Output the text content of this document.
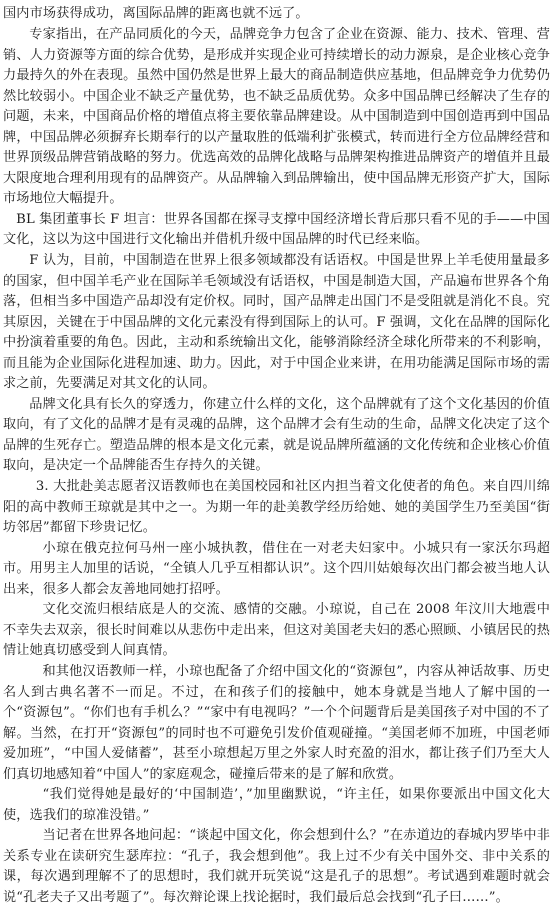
国内市场获得成功，离国际品牌的距离也就不远了。

专家指出，在产品同质化的今天，品牌竞争力包含了企业在资源、能力、技术、管理、营销、人力资源等方面的综合优势，是形成并实现企业可持续增长的动力源泉，是企业核心竞争力最持久的外在表现。虽然中国仍然是世界上最大的商品制造供应基地，但品牌竞争力优势仍然比较弱小。中国企业不缺乏产量优势，也不缺乏品质优势。众多中国品牌已经解决了生存的问题，未来，中国商品价格的增值点将主要依靠品牌建设。从中国制造到中国创造再到中国品牌，中国品牌必须摒弃长期奉行的以产量取胜的低端利扩张模式，转而进行全方位品牌经营和世界顶级品牌营销战略的努力。优选高效的品牌化战略与品牌架构推进品牌资产的增值并且最大限度地合理利用现有的品牌资产。从品牌输入到品牌输出，使中国品牌无形资产扩大，国际市场地位大幅提升。

BL 集团董事长 F 坦言：世界各国都在探寻支撑中国经济增长背后那只看不见的手——中国文化，这以为这中国进行文化输出并借机升级中国品牌的时代已经来临。

F 认为，目前，中国制造在世界上很多领域都没有话语权。中国是世界上羊毛使用量最多的国家，但中国羊毛产业在国际羊毛领域没有话语权，中国是制造大国，产品遍布世界各个角落，但相当多中国造产品却没有定价权。同时，国产品牌走出国门不是受阻就是消化不良。究其原因，关键在于中国品牌的文化元素没有得到国际上的认可。F 强调，文化在品牌的国际化中扮演着重要的角色。因此，主动和系统输出文化，能够消除经济全球化所带来的不利影响，而且能为企业国际化进程加速、助力。因此，对于中国企业来讲，在用功能满足国际市场的需求之前，先要满足对其文化的认同。

品牌文化具有长久的穿透力，你建立什么样的文化，这个品牌就有了这个文化基因的价值取向，有了文化的品牌才是有灵魂的品牌，这个品牌才会有生动的生命，品牌文化决定了这个品牌的生死存亡。塑造品牌的根本是文化元素，就是说品牌所蕴涵的文化传统和企业核心价值取向，是决定一个品牌能否生存持久的关键。

3. 大批赴美志愿者汉语教师也在美国校园和社区内担当着文化使者的角色。来自四川绵阳的高中教师王琼就是其中之一。为期一年的赴美教学经历给她、她的美国学生乃至美国“街坊邻居”都留下珍贵记忆。

小琼在俄克拉何马州一座小城执教，借住在一对老夫妇家中。小城只有一家沃尔玛超市。用男主人加里的话说，“全镇人几乎互相都认识”。这个四川姑娘每次出门都会被当地人认出来，很多人都会友善地同她打招呼。

文化交流归根结底是人的交流、感情的交融。小琼说，自己在 2008 年汶川大地震中不幸失去双亲，很长时间难以从悲伤中走出来，但这对美国老夫妇的悉心照顾、小镇居民的热情让她真切感受到人间真情。

和其他汉语教师一样，小琼也配备了介绍中国文化的“资源包”，内容从神话故事、历史名人到古典名著不一而足。不过，在和孩子们的接触中，她本身就是当地人了解中国的一个“资源包”。“你们也有手机么？”“家中有电视吗？”一个个问题背后是美国孩子对中国的不了解。当然，在打开“资源包”的同时也不可避免引发价值观碰撞。“美国老师不加班，中国老师爱加班”，“中国人爱储蓄”，甚至小琼想起万里之外家人时充盈的泪水，都让孩子们乃至大人们真切地感知着“中国人”的家庭观念，碰撞后带来的是了解和欣赏。

“我们觉得她是最好的‘中国制造’，”加里幽默说，“许主任，如果你要派出中国文化大使，选我们的琼准没错。”

当记者在世界各地问起：“谈起中国文化，你会想到什么？”在赤道边的春城内罗毕中非关系专业在读研究生瑟库拉：“孔子，我会想到他”。我上过不少有关中国外交、非中关系的课，每次遇到理解不了的思想时，我们就开玩笑说“这是孔子的思想”。考试遇到难题时就会说“孔老夫子又出考题了”。每次辩论课上找论据时，我们最后总会找到“孔子曰……”。
